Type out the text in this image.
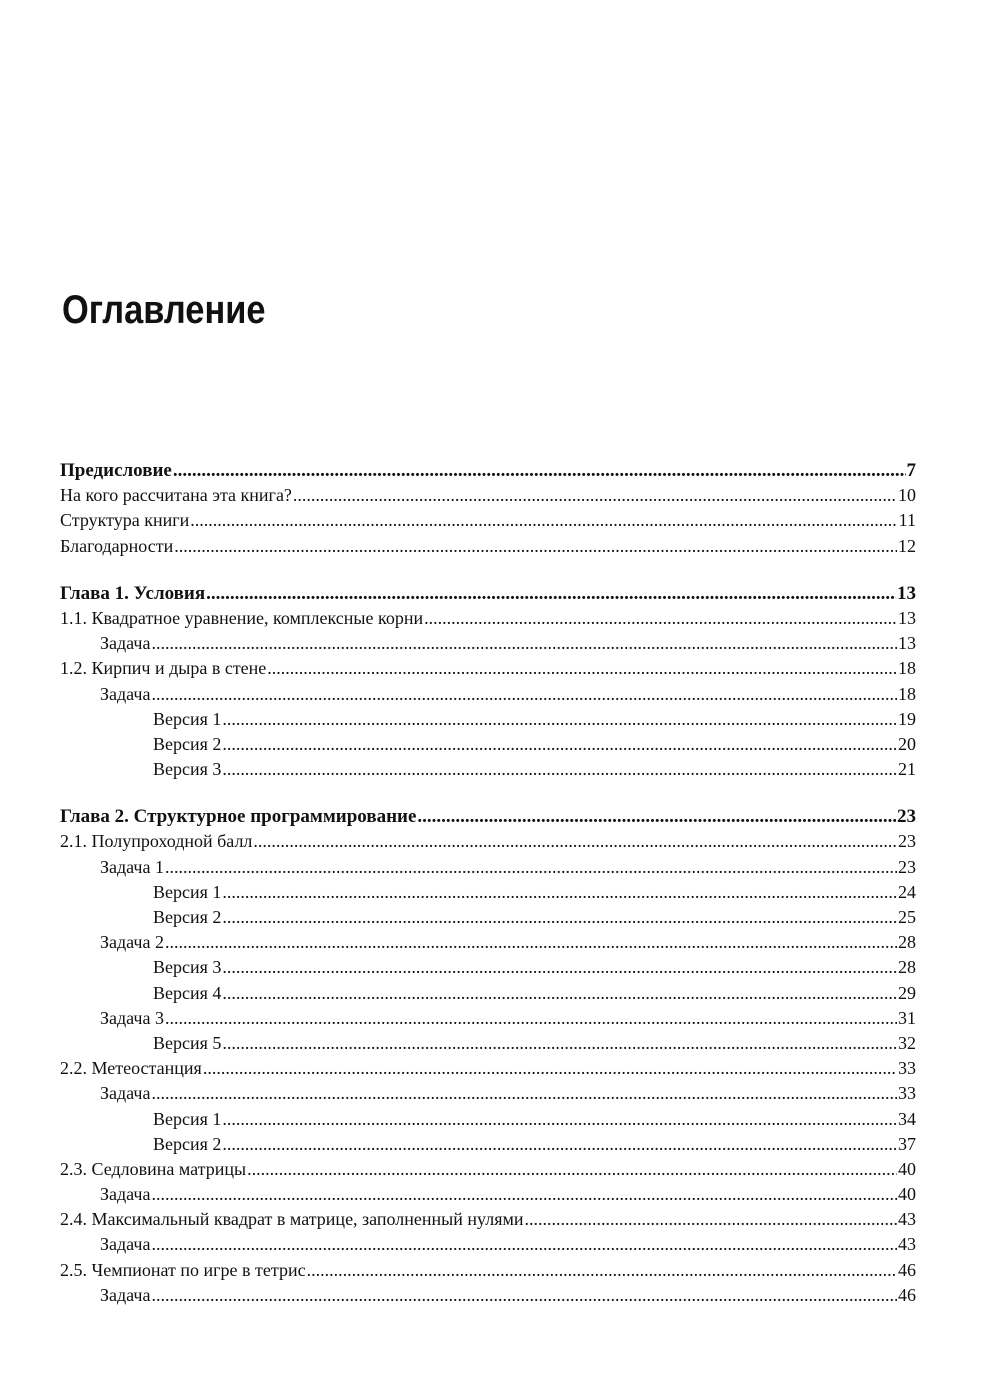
Оглавление
Предисловие .....	7
На кого рассчитана эта книга? .....	10
Структура книги .....	11
Благодарности .....	12
Глава 1. Условия .....	13
1.1. Квадратное уравнение, комплексные корни .....	13
Задача .....	13
1.2. Кирпич и дыра в стене .....	18
Задача .....	18
Версия 1 .....	19
Версия 2 .....	20
Версия 3 .....	21
Глава 2. Структурное программирование .....	23
2.1. Полупроходной балл .....	23
Задача 1 .....	23
Версия 1 .....	24
Версия 2 .....	25
Задача 2 .....	28
Версия 3 .....	28
Версия 4 .....	29
Задача 3 .....	31
Версия 5 .....	32
2.2. Метеостанция .....	33
Задача .....	33
Версия 1 .....	34
Версия 2 .....	37
2.3. Седловина матрицы .....	40
Задача .....	40
2.4. Максимальный квадрат в матрице, заполненный нулями .....	43
Задача .....	43
2.5. Чемпионат по игре в тетрис .....	46
Задача .....	46
